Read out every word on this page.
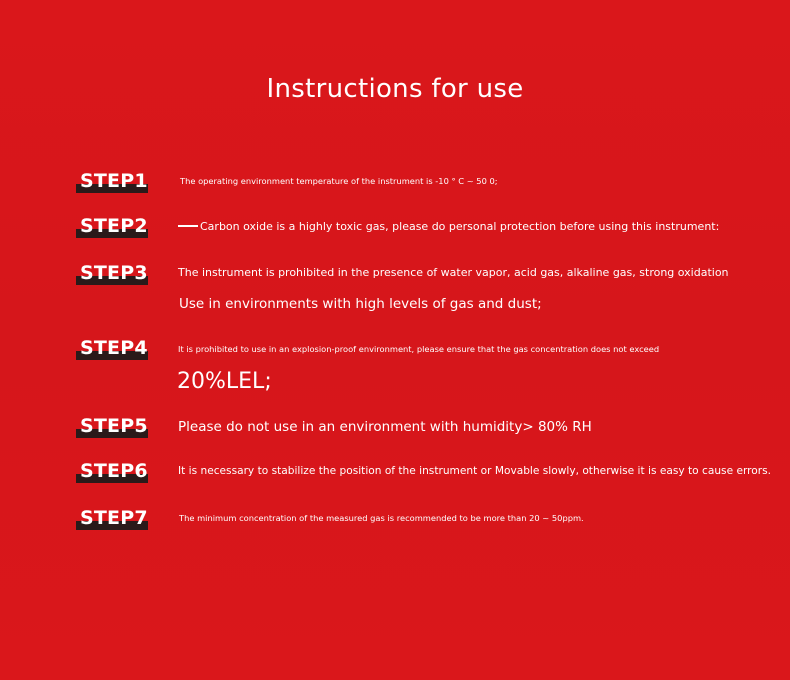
Instructions for use
STEP1	The operating environment temperature of the instrument is -10 ° C ~ 50 0;
STEP2	Carbon oxide is a highly toxic gas, please do personal protection before using this instrument:
STEP3	The instrument is prohibited in the presence of water vapor, acid gas, alkaline gas, strong oxidation
Use in environments with high levels of gas and dust;
STEP4	It is prohibited to use in an explosion-proof environment, please ensure that the gas concentration does not exceed
20%LEL;
STEP5 Please do not use in an environment with humidity> 80% RH
STEP6	It is necessary to stabilize the position of the instrument or Movable slowly, otherwise it is easy to cause errors.
STEP7	The minimum concentration of the measured gas is recommended to be more than 20 ~ 50ppm.
